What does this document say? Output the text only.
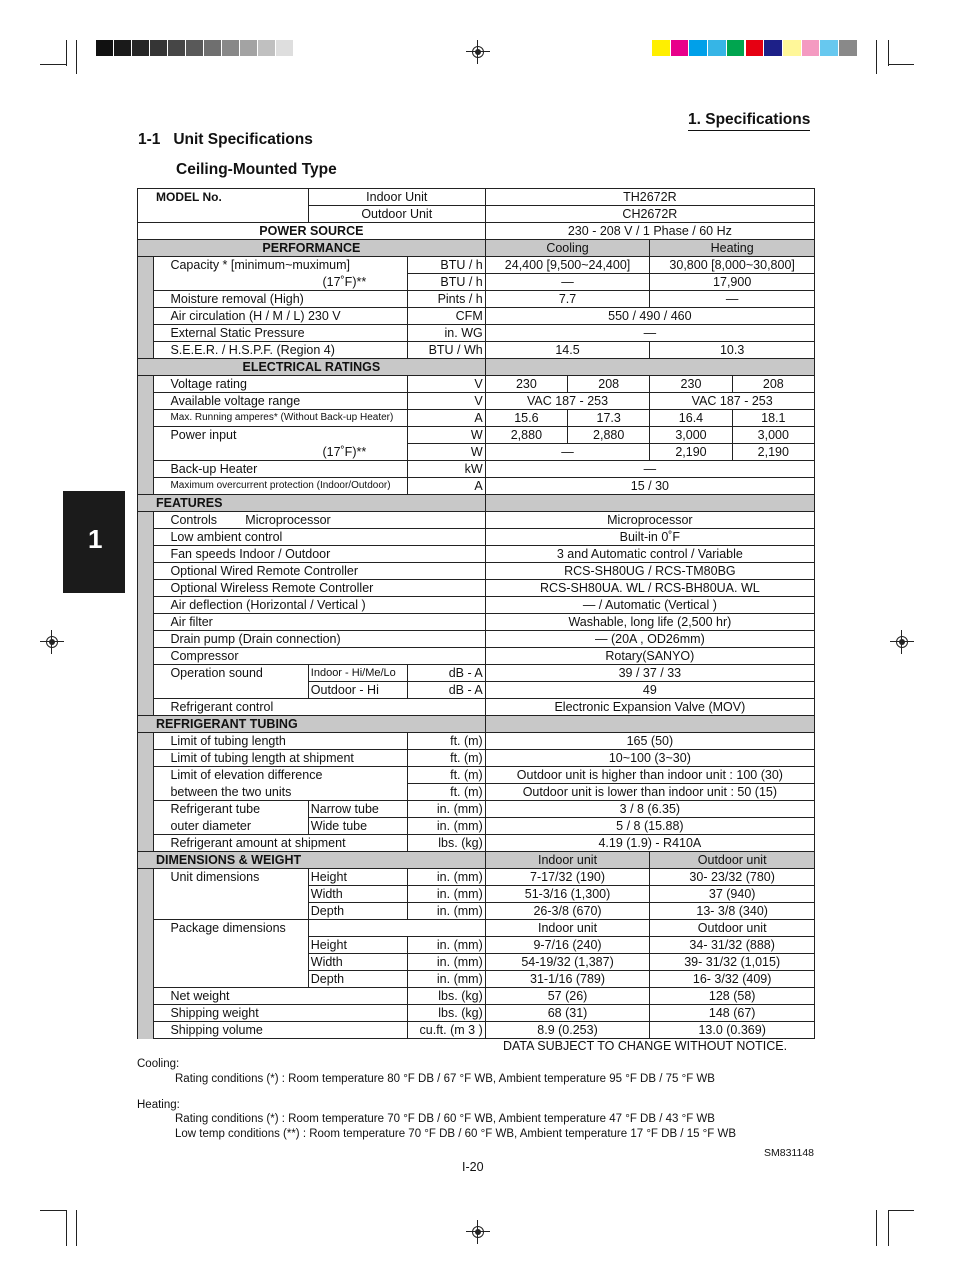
1
1. Specifications
1-1   Unit Specifications
Ceiling-Mounted Type
MODEL No.		Indoor Unit		TH2672R			
		Outdoor Unit		CH2672R			
POWER SOURCE				230 - 208 V / 1 Phase / 60 Hz			
PERFORMANCE				Cooling		Heating	
	Capacity * [minimum~muximum]		BTU / h	24,400 [9,500~24,400]		30,800 [8,000~30,800]	
	(17˚F)**		BTU / h	—		17,900	
	Moisture removal (High)		Pints / h	7.7		—	
	Air circulation (H / M / L) 230 V		CFM	550 / 490 / 460			
	External Static Pressure		in. WG	—			
	S.E.E.R. / H.S.P.F. (Region 4)		BTU / Wh	14.5		10.3	
ELECTRICAL RATINGS							
	Voltage rating		V	230	208	230	208
	Available voltage range		V	VAC 187 - 253		VAC 187 - 253	
	Max. Running amperes* (Without Back-up Heater)		A	15.6	17.3	16.4	18.1
	Power input		W	2,880	2,880	3,000	3,000
	(17˚F)**		W	—		2,190	2,190
	Back-up Heater		kW	—			
	Maximum overcurrent protection (Indoor/Outdoor)		A	15 / 30			
FEATURES							
	Controls	Microprocessor		Microprocessor			
	Low ambient control			Built-in 0˚F			
	Fan speeds Indoor / Outdoor			3 and Automatic control / Variable			
	Optional Wired Remote Controller			RCS-SH80UG / RCS-TM80BG			
	Optional Wireless Remote Controller			RCS-SH80UA. WL / RCS-BH80UA. WL			
	Air deflection (Horizontal / Vertical )			— / Automatic (Vertical )			
	Air filter			Washable, long life (2,500 hr)			
	Drain pump (Drain connection)			— (20A , OD26mm)			
	Compressor			Rotary(SANYO)			
	Operation sound	Indoor - Hi/Me/Lo	dB - A	39 / 37 / 33			
		Outdoor - Hi	dB - A	49			
	Refrigerant control			Electronic Expansion Valve (MOV)			
REFRIGERANT TUBING							
	Limit of tubing length		ft. (m)	165 (50)			
	Limit of tubing length at shipment		ft. (m)	10~100 (3~30)			
	Limit of elevation difference		ft. (m)	Outdoor unit is higher than indoor unit : 100 (30)			
	between the two units		ft. (m)	Outdoor unit is lower than indoor unit : 50 (15)			
	Refrigerant tube	Narrow tube	in. (mm)	3 / 8 (6.35)			
	outer diameter	Wide tube	in. (mm)	5 / 8 (15.88)			
	Refrigerant amount at shipment		lbs. (kg)	4.19 (1.9) - R410A			
DIMENSIONS & WEIGHT				Indoor unit		Outdoor unit	
	Unit dimensions	Height	in. (mm)	7-17/32 (190)		30- 23/32 (780)	
		Width	in. (mm)	51-3/16 (1,300)		37 (940)	
		Depth	in. (mm)	26-3/8 (670)		13- 3/8 (340)	
	Package dimensions			Indoor unit		Outdoor unit	
		Height	in. (mm)	9-7/16 (240)		34- 31/32 (888)	
		Width	in. (mm)	54-19/32 (1,387)		39- 31/32 (1,015)	
		Depth	in. (mm)	31-1/16 (789)		16- 3/32 (409)	
	Net weight		lbs. (kg)	57 (26)		128 (58)	
	Shipping weight		lbs. (kg)	68 (31)		148 (67)	
	Shipping volume		cu.ft. (m 3 )	8.9 (0.253)		13.0 (0.369)	
DATA SUBJECT TO CHANGE WITHOUT NOTICE.
Cooling:
Rating conditions (*) : Room temperature 80 °F DB / 67 °F WB, Ambient temperature 95 °F DB / 75 °F WB
Heating:
Rating conditions (*) : Room temperature 70 °F DB / 60 °F WB, Ambient temperature 47 °F DB / 43 °F WB
Low temp conditions (**) : Room temperature 70 °F DB / 60 °F WB, Ambient temperature 17 °F DB / 15 °F WB
SM831148
I-20
